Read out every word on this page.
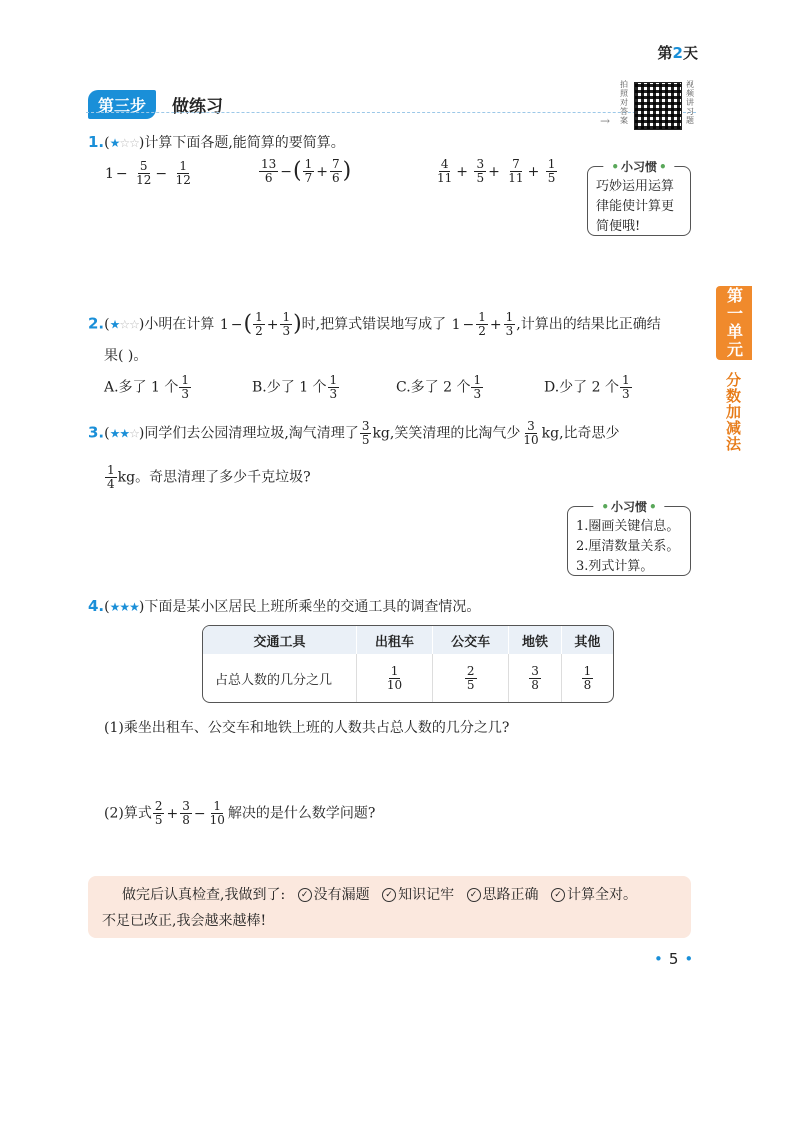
第2天
第三步	做练习
拍照对答案
视频讲习题
→
第一单元
分数加减法
1.(★☆☆)计算下面各题,能简算的要简算。
$1 - \frac{5}{12} - \frac{1}{12}$	$\frac{13}{6}$ −( $\frac{1}{7} + \frac{7}{6}$ )	$\frac{4}{11} + \frac{3}{5} + \frac{7}{11} + \frac{1}{5}$	• 小习惯 •
巧妙运用运算律能使计算更简便哦!
2.(★☆☆)小明在计算 1 −( $\frac{1}{2} + \frac{1}{3}$ )时,把算式错误地写成了 $1 - \frac{1}{2} + \frac{1}{3}$ ,计算出的结果比正确结
果( )。
A.多了 1 个 $\frac{1}{3}$	B.少了 1 个 $\frac{1}{3}$	C.多了 2 个 $\frac{1}{3}$	D.少了 2 个 $\frac{1}{3}$
3.(★★☆)同学们去公园清理垃圾,淘气清理了 $\frac{3}{5}$ kg,笑笑清理的比淘气少 $\frac{3}{10}$ kg,比奇思少
$\frac{1}{4}$ kg。奇思清理了多少千克垃圾?
• 小习惯 •
1.圈画关键信息。
2.厘清数量关系。
3.列式计算。
4.(★★★)下面是某小区居民上班所乘坐的交通工具的调查情况。
交通工具	出租车	公交车	地铁	其他
占总人数的几分之几	$\frac{1}{10}$	$\frac{2}{5}$	$\frac{3}{8}$	$\frac{1}{8}$
(1)乘坐出租车、公交车和地铁上班的人数共占总人数的几分之几?
(2)算式 $\frac{2}{5} + \frac{3}{8} - \frac{1}{10}$ 解决的是什么数学问题?
做完后认真检查,我做到了: ✓ 没有漏题 ✓ 知识记牢 ✓ 思路正确 ✓ 计算全对。
不足已改正,我会越来越棒!
• 5 •
